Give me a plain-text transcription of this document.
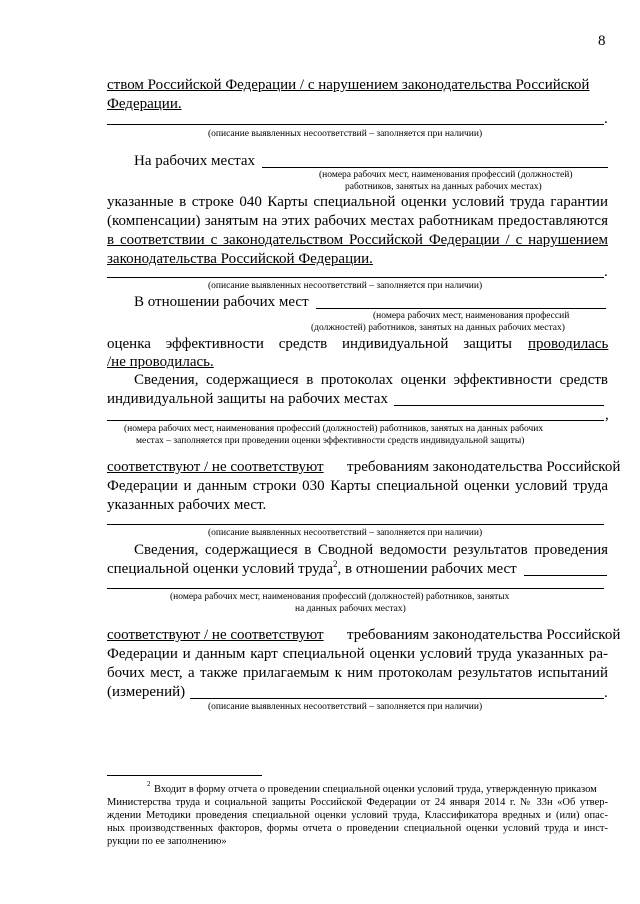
8
ством Российской Федерации / с нарушением законодательства Российской
Федерации.
.
(описание выявленных несоответствий – заполняется при наличии)
На рабочих местах
(номера рабочих мест, наименования профессий (должностей)
работников, занятых на данных рабочих местах)
указанные в строке 040 Карты специальной оценки условий труда гарантии
(компенсации) занятым на этих рабочих местах работникам предоставляются
в соответствии с законодательством Российской Федерации / с нарушением
законодательства Российской Федерации.
.
(описание выявленных несоответствий – заполняется при наличии)
В отношении рабочих мест
(номера рабочих мест, наименования профессий
(должностей) работников, занятых на данных рабочих местах)
оценка эффективности средств индивидуальной защиты проводилась
/не проводилась.
Сведения, содержащиеся в протоколах оценки эффективности средств
индивидуальной защиты на рабочих местах
,
(номера рабочих мест, наименования профессий (должностей) работников, занятых на данных рабочих
местах – заполняется при проведении оценки эффективности средств индивидуальной защиты)
соответствуют / не соответствуют требованиям законодательства Российской
Федерации и данным строки 030 Карты специальной оценки условий труда
указанных рабочих мест.
(описание выявленных несоответствий – заполняется при наличии)
Сведения, содержащиеся в Сводной ведомости результатов проведения
специальной оценки условий труда$^2$, в отношении рабочих мест
(номера рабочих мест, наименования профессий (должностей) работников, занятых
на данных рабочих местах)
соответствуют / не соответствуют требованиям законодательства Российской
Федерации и данным карт специальной оценки условий труда указанных ра-
бочих мест, а также прилагаемым к ним протоколам результатов испытаний
(измерений)	.
(описание выявленных несоответствий – заполняется при наличии)
2 Входит в форму отчета о проведении специальной оценки условий труда, утвержденную приказом
Министерства труда и социальной защиты Российской Федерации от 24 января 2014 г. № 33н «Об утвер-
ждении Методики проведения специальной оценки условий труда, Классификатора вредных и (или) опас-
ных производственных факторов, формы отчета о проведении специальной оценки условий труда и инст-
рукции по ее заполнению»
